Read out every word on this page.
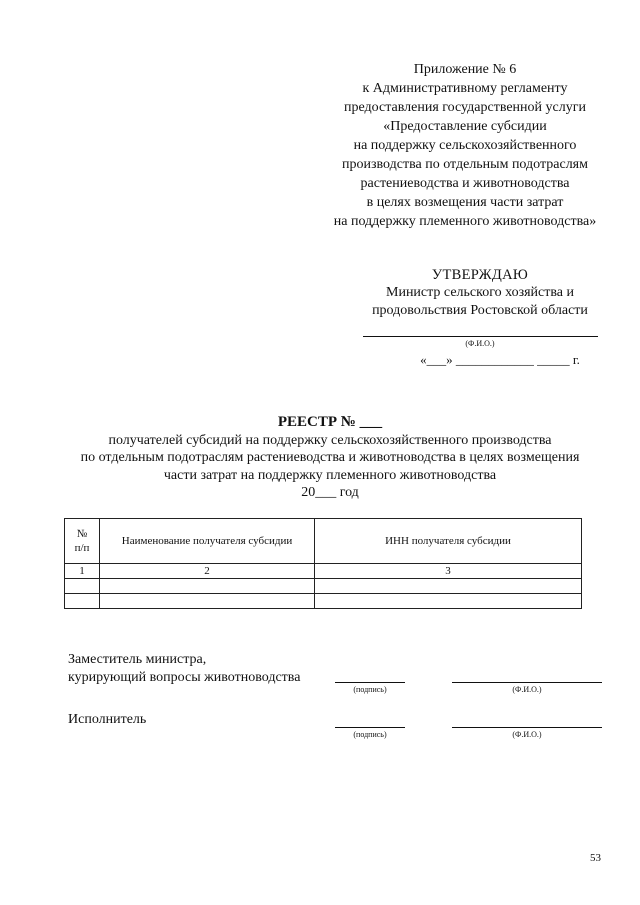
Приложение № 6
к Административному регламенту
предоставления государственной услуги
«Предоставление субсидии
на поддержку сельскохозяйственного
производства по отдельным подотраслям
растениеводства и животноводства
в целях возмещения части затрат
на поддержку племенного животноводства»
УТВЕРЖДАЮ
Министр сельского хозяйства и
продовольствия Ростовской области
(Ф.И.О.)
«___» ____________ _____ г.
РЕЕСТР № ___
получателей субсидий на поддержку сельскохозяйственного производства
по отдельным подотраслям растениеводства и животноводства в целях возмещения
части затрат на поддержку племенного животноводства
20___ год
№
п/п	Наименование получателя субсидии	ИНН получателя субсидии
1	2	3

Заместитель министра,
курирующий вопросы животноводства
(подпись)	(Ф.И.О.)
Исполнитель
(подпись)	(Ф.И.О.)
53
